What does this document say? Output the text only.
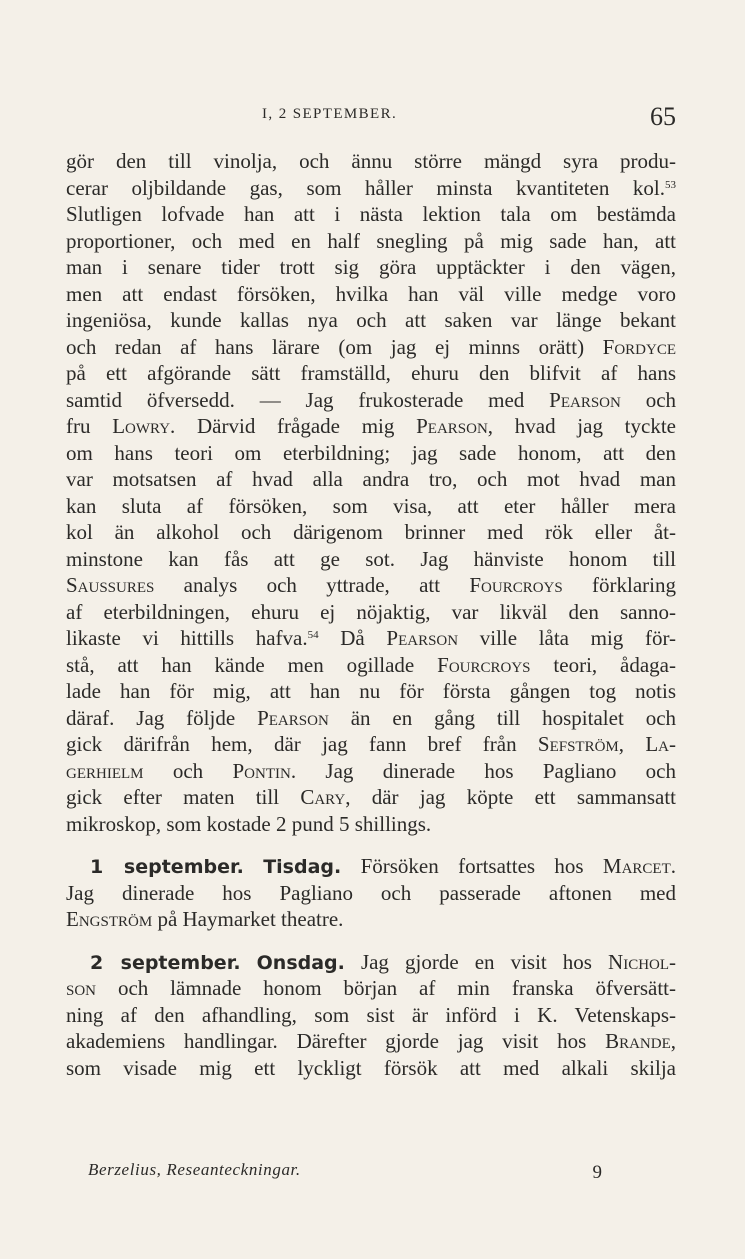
I, 2 SEPTEMBER.	65
gör den till vinolja, och ännu större mängd syra produ-
cerar oljbildande gas, som håller minsta kvantiteten kol.$^{53}$
Slutligen lofvade han att i nästa lektion tala om bestämda
proportioner, och med en half snegling på mig sade han, att
man i senare tider trott sig göra upptäckter i den vägen,
men att endast försöken, hvilka han väl ville medge voro
ingeniösa, kunde kallas nya och att saken var länge bekant
och redan af hans lärare (om jag ej minns orätt) Fordyce
på ett afgörande sätt framställd, ehuru den blifvit af hans
samtid öfversedd. — Jag frukosterade med Pearson och
fru Lowry. Därvid frågade mig Pearson, hvad jag tyckte
om hans teori om eterbildning; jag sade honom, att den
var motsatsen af hvad alla andra tro, och mot hvad man
kan sluta af försöken, som visa, att eter håller mera
kol än alkohol och därigenom brinner med rök eller åt-
minstone kan fås att ge sot. Jag hänviste honom till
Saussures analys och yttrade, att Fourcroys förklaring
af eterbildningen, ehuru ej nöjaktig, var likväl den sanno-
likaste vi hittills hafva.$^{54}$ Då Pearson ville låta mig för-
stå, att han kände men ogillade Fourcroys teori, ådaga-
lade han för mig, att han nu för första gången tog notis
däraf. Jag följde Pearson än en gång till hospitalet och
gick därifrån hem, där jag fann bref från Sefström, La-
gerhielm och Pontin. Jag dinerade hos Pagliano och
gick efter maten till Cary, där jag köpte ett sammansatt
mikroskop, som kostade 2 pund 5 shillings.
1 september. Tisdag. Försöken fortsattes hos Marcet.
Jag dinerade hos Pagliano och passerade aftonen med
Engström på Haymarket theatre.
2 september. Onsdag. Jag gjorde en visit hos Nichol-
son och lämnade honom början af min franska öfversätt-
ning af den afhandling, som sist är införd i K. Vetenskaps-
akademiens handlingar. Därefter gjorde jag visit hos Brande,
som visade mig ett lyckligt försök att med alkali skilja
Berzelius, Reseanteckningar.	9
